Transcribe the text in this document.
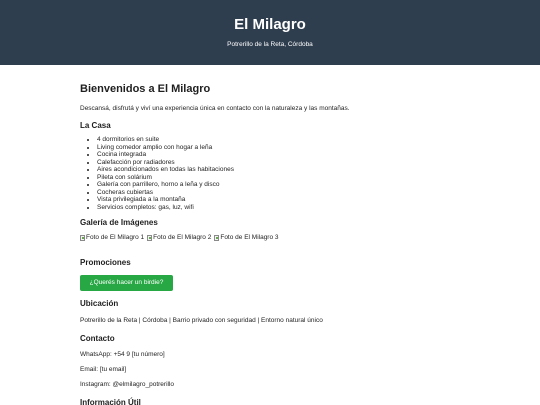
El Milagro
Potrerillo de la Reta, Córdoba
Bienvenidos a El Milagro

Descansá, disfrutá y viví una experiencia única en contacto con la naturaleza y las montañas.

La Casa
• 4 dormitorios en suite
• Living comedor amplio con hogar a leña
• Cocina integrada
• Calefacción por radiadores
• Aires acondicionados en todas las habitaciones
• Pileta con solárium
• Galería con parrillero, horno a leña y disco
• Cocheras cubiertas
• Vista privilegiada a la montaña
• Servicios completos: gas, luz, wifi
Galería de Imágenes
Foto de El Milagro 1 Foto de El Milagro 2 Foto de El Milagro 3
Promociones
¿Querés hacer un birdie?
Ubicación

Potrerillo de la Reta | Córdoba | Barrio privado con seguridad | Entorno natural único

Contacto

WhatsApp: +54 9 [tu número]

Email: [tu email]

Instagram: @elmilagro_potrerillo

Información Útil
